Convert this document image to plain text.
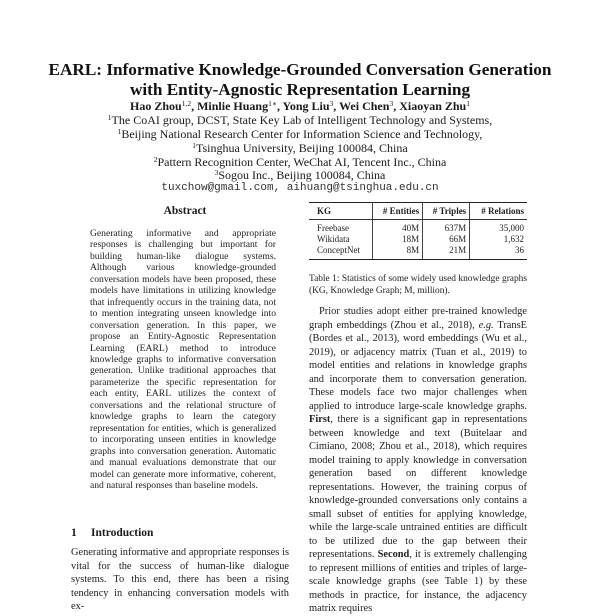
EARL: Informative Knowledge-Grounded Conversation Generation with Entity-Agnostic Representation Learning
Hao Zhou$^{1,2}$, Minlie Huang$^{1∗}$, Yong Liu$^3$, Wei Chen$^3$, Xiaoyan Zhu$^1$
$^1$The CoAI group, DCST, State Key Lab of Intelligent Technology and Systems,
$^1$Beijing National Research Center for Information Science and Technology,
$^1$Tsinghua University, Beijing 100084, China
$^2$Pattern Recognition Center, WeChat AI, Tencent Inc., China
$^3$Sogou Inc., Beijing 100084, China
tuxchow@gmail.com, aihuang@tsinghua.edu.cn
Abstract
Generating informative and appropriate responses is challenging but important for building human-like dialogue systems. Although various knowledge-grounded conversation models have been proposed, these models have limitations in utilizing knowledge that infrequently occurs in the training data, not to mention integrating unseen knowledge into conversation generation. In this paper, we propose an Entity-Agnostic Representation Learning (EARL) method to introduce knowledge graphs to informative conversation generation. Unlike traditional approaches that parameterize the specific representation for each entity, EARL utilizes the context of conversations and the relational structure of knowledge graphs to learn the category representation for entities, which is generalized to incorporating unseen entities in knowledge graphs into conversation generation. Automatic and manual evaluations demonstrate that our model can generate more informative, coherent, and natural responses than baseline models.
1 Introduction
Generating informative and appropriate responses is vital for the success of human-like dialogue systems. To this end, there has been a rising tendency in enhancing conversation models with ex-
KG	# Entities	# Triples	# Relations
Freebase	40M	637M	35,000
Wikidata	18M	66M	1,632
ConceptNet	8M	21M	36
Table 1: Statistics of some widely used knowledge graphs (KG, Knowledge Graph; M, million).
Prior studies adopt either pre-trained knowledge graph embeddings (Zhou et al., 2018), e.g. TransE (Bordes et al., 2013), word embeddings (Wu et al., 2019), or adjacency matrix (Tuan et al., 2019) to model entities and relations in knowledge graphs and incorporate them to conversation generation. These models face two major challenges when applied to introduce large-scale knowledge graphs. First, there is a significant gap in representations between knowledge and text (Buitelaar and Cimiano, 2008; Zhou et al., 2018), which requires model training to apply knowledge in conversation generation based on different knowledge representations. However, the training corpus of knowledge-grounded conversations only contains a small subset of entities for applying knowledge, while the large-scale untrained entities are difficult to be utilized due to the gap between their representations. Second, it is extremely challenging to represent millions of entities and triples of large-scale knowledge graphs (see Table 1) by these methods in practice, for instance, the adjacency matrix requires
